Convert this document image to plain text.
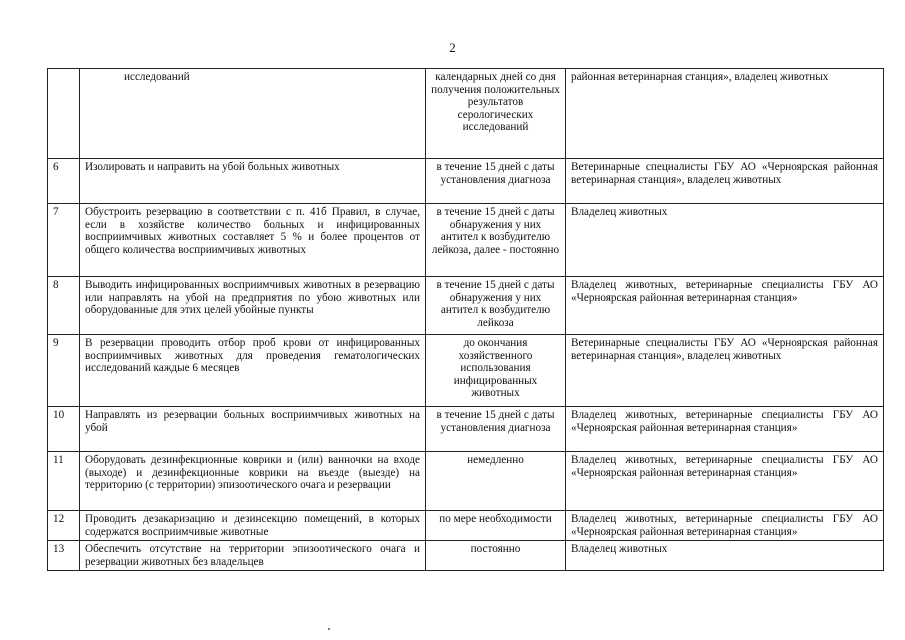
2
	исследований	календарных дней со дня получения положительных результатов серологических исследований	районная ветеринарная станция», владелец животных
6	Изолировать и направить на убой больных животных	в течение 15 дней с даты установления диагноза	Ветеринарные специалисты ГБУ АО «Черноярская районная ветеринарная станция», владелец животных
7	Обустроить резервацию в соответствии с п. 41б Правил, в случае, если в хозяйстве количество больных и инфицированных восприимчивых животных составляет 5 % и более процентов от общего количества восприимчивых животных	в течение 15 дней с даты обнаружения у них антител к возбудителю лейкоза, далее - постоянно	Владелец животных
8	Выводить инфицированных восприимчивых животных в резервацию или направлять на убой на предприятия по убою животных или оборудованные для этих целей убойные пункты	в течение 15 дней с даты обнаружения у них антител к возбудителю лейкоза	Владелец животных, ветеринарные специалисты ГБУ АО «Черноярская районная ветеринарная станция»
9	В резервации проводить отбор проб крови от инфицированных восприимчивых животных для проведения гематологических исследований каждые 6 месяцев	до окончания хозяйственного использования инфицированных животных	Ветеринарные специалисты ГБУ АО «Черноярская районная ветеринарная станция», владелец животных
10	Направлять из резервации больных восприимчивых животных на убой	в течение 15 дней с даты установления диагноза	Владелец животных, ветеринарные специалисты ГБУ АО «Черноярская районная ветеринарная станция»
11	Оборудовать дезинфекционные коврики и (или) ванночки на входе (выходе) и дезинфекционные коврики на въезде (выезде) на территорию (с территории) эпизоотического очага и резервации	немедленно	Владелец животных, ветеринарные специалисты ГБУ АО «Черноярская районная ветеринарная станция»
12	Проводить дезакаризацию и дезинсекцию помещений, в которых содержатся восприимчивые животные	по мере необходимости	Владелец животных, ветеринарные специалисты ГБУ АО «Черноярская районная ветеринарная станция»
13	Обеспечить отсутствие на территории эпизоотического очага и резервации животных без владельцев	постоянно	Владелец животных
